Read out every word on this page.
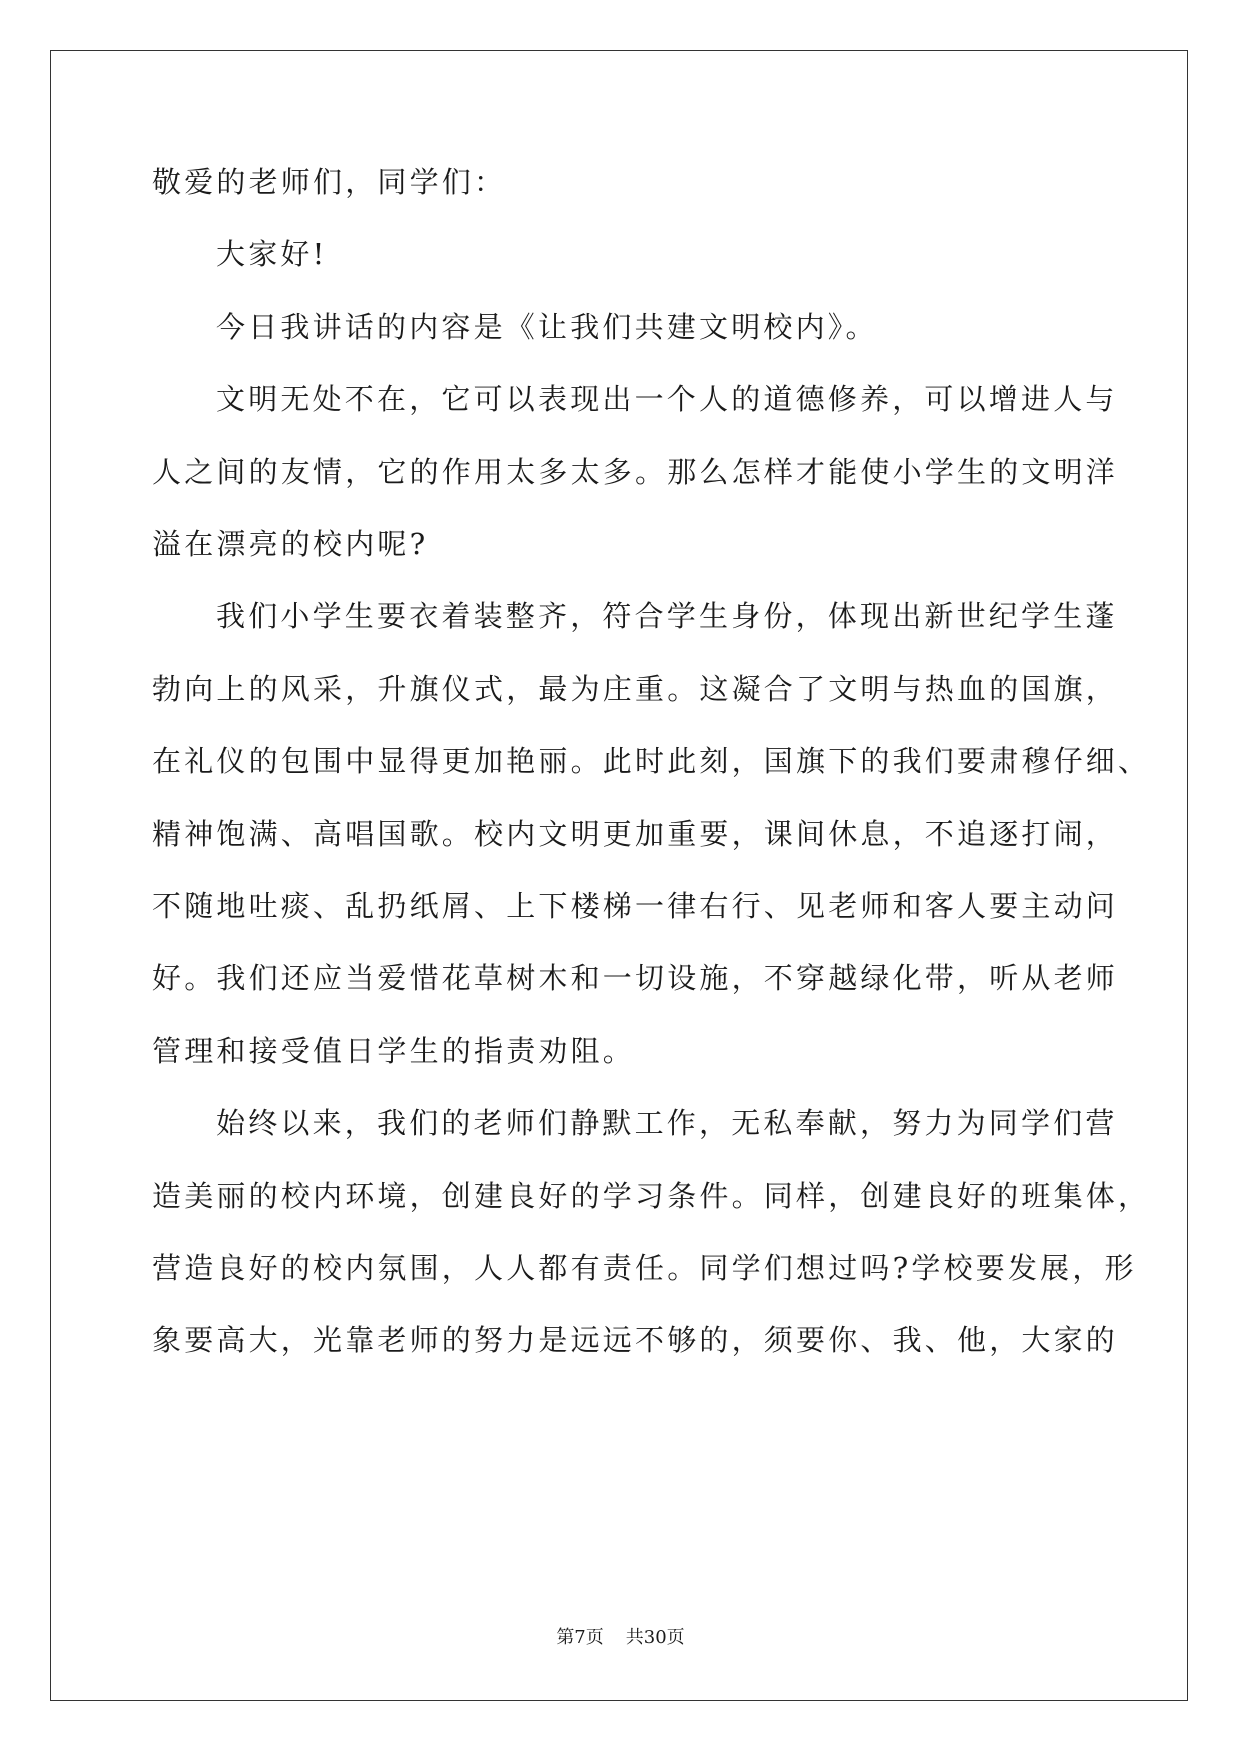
敬爱的老师们，同学们：
大家好!
今日我讲话的内容是《让我们共建文明校内》。
文明无处不在，它可以表现出一个人的道德修养，可以增进人与
人之间的友情，它的作用太多太多。那么怎样才能使小学生的文明洋
溢在漂亮的校内呢?
我们小学生要衣着装整齐，符合学生身份，体现出新世纪学生蓬
勃向上的风采，升旗仪式，最为庄重。这凝合了文明与热血的国旗，
在礼仪的包围中显得更加艳丽。此时此刻，国旗下的我们要肃穆仔细、
精神饱满、高唱国歌。校内文明更加重要，课间休息，不追逐打闹，
不随地吐痰、乱扔纸屑、上下楼梯一律右行、见老师和客人要主动问
好。我们还应当爱惜花草树木和一切设施，不穿越绿化带，听从老师
管理和接受值日学生的指责劝阻。
始终以来，我们的老师们静默工作，无私奉献，努力为同学们营
造美丽的校内环境，创建良好的学习条件。同样，创建良好的班集体，
营造良好的校内氛围，人人都有责任。同学们想过吗?学校要发展，形
象要高大，光靠老师的努力是远远不够的，须要你、我、他，大家的
第7页 共30页
